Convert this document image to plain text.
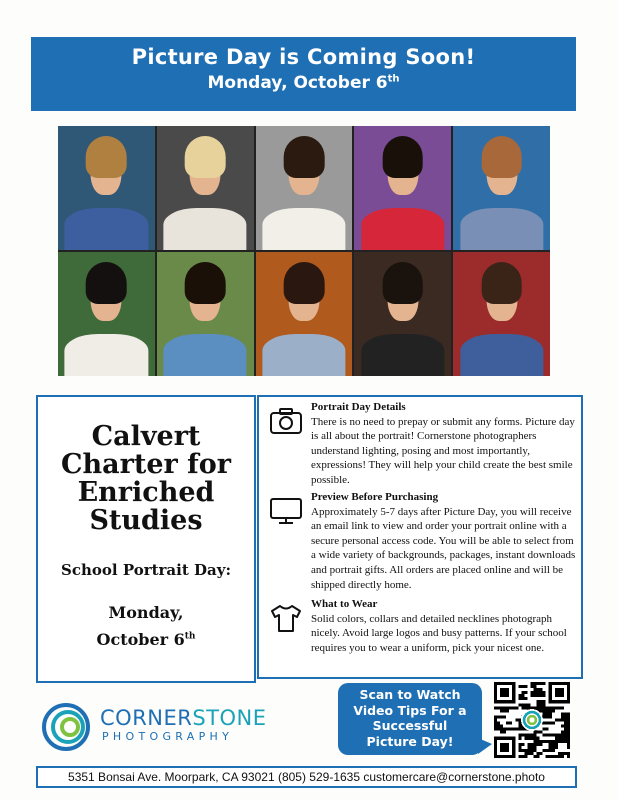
Picture Day is Coming Soon!
Monday, October 6th
Calvert Charter for Enriched Studies
School Portrait Day:
Monday,
October 6th
Portrait Day Details
There is no need to prepay or submit any forms. Picture day is all about the portrait! Cornerstone photographers understand lighting, posing and most importantly, expressions! They will help your child create the best smile possible.
Preview Before Purchasing
Approximately 5-7 days after Picture Day, you will receive an email link to view and order your portrait online with a secure personal access code. You will be able to select from a wide variety of backgrounds, packages, instant downloads and portrait gifts. All orders are placed online and will be shipped directly home.
What to Wear
Solid colors, collars and detailed necklines photograph nicely. Avoid large logos and busy patterns. If your school requires you to wear a uniform, pick your nicest one.
CORNERSTONE
PHOTOGRAPHY
Scan to Watch
Video Tips For a
Successful
Picture Day!
5351 Bonsai Ave. Moorpark, CA 93021 (805) 529-1635 customercare@cornerstone.photo
